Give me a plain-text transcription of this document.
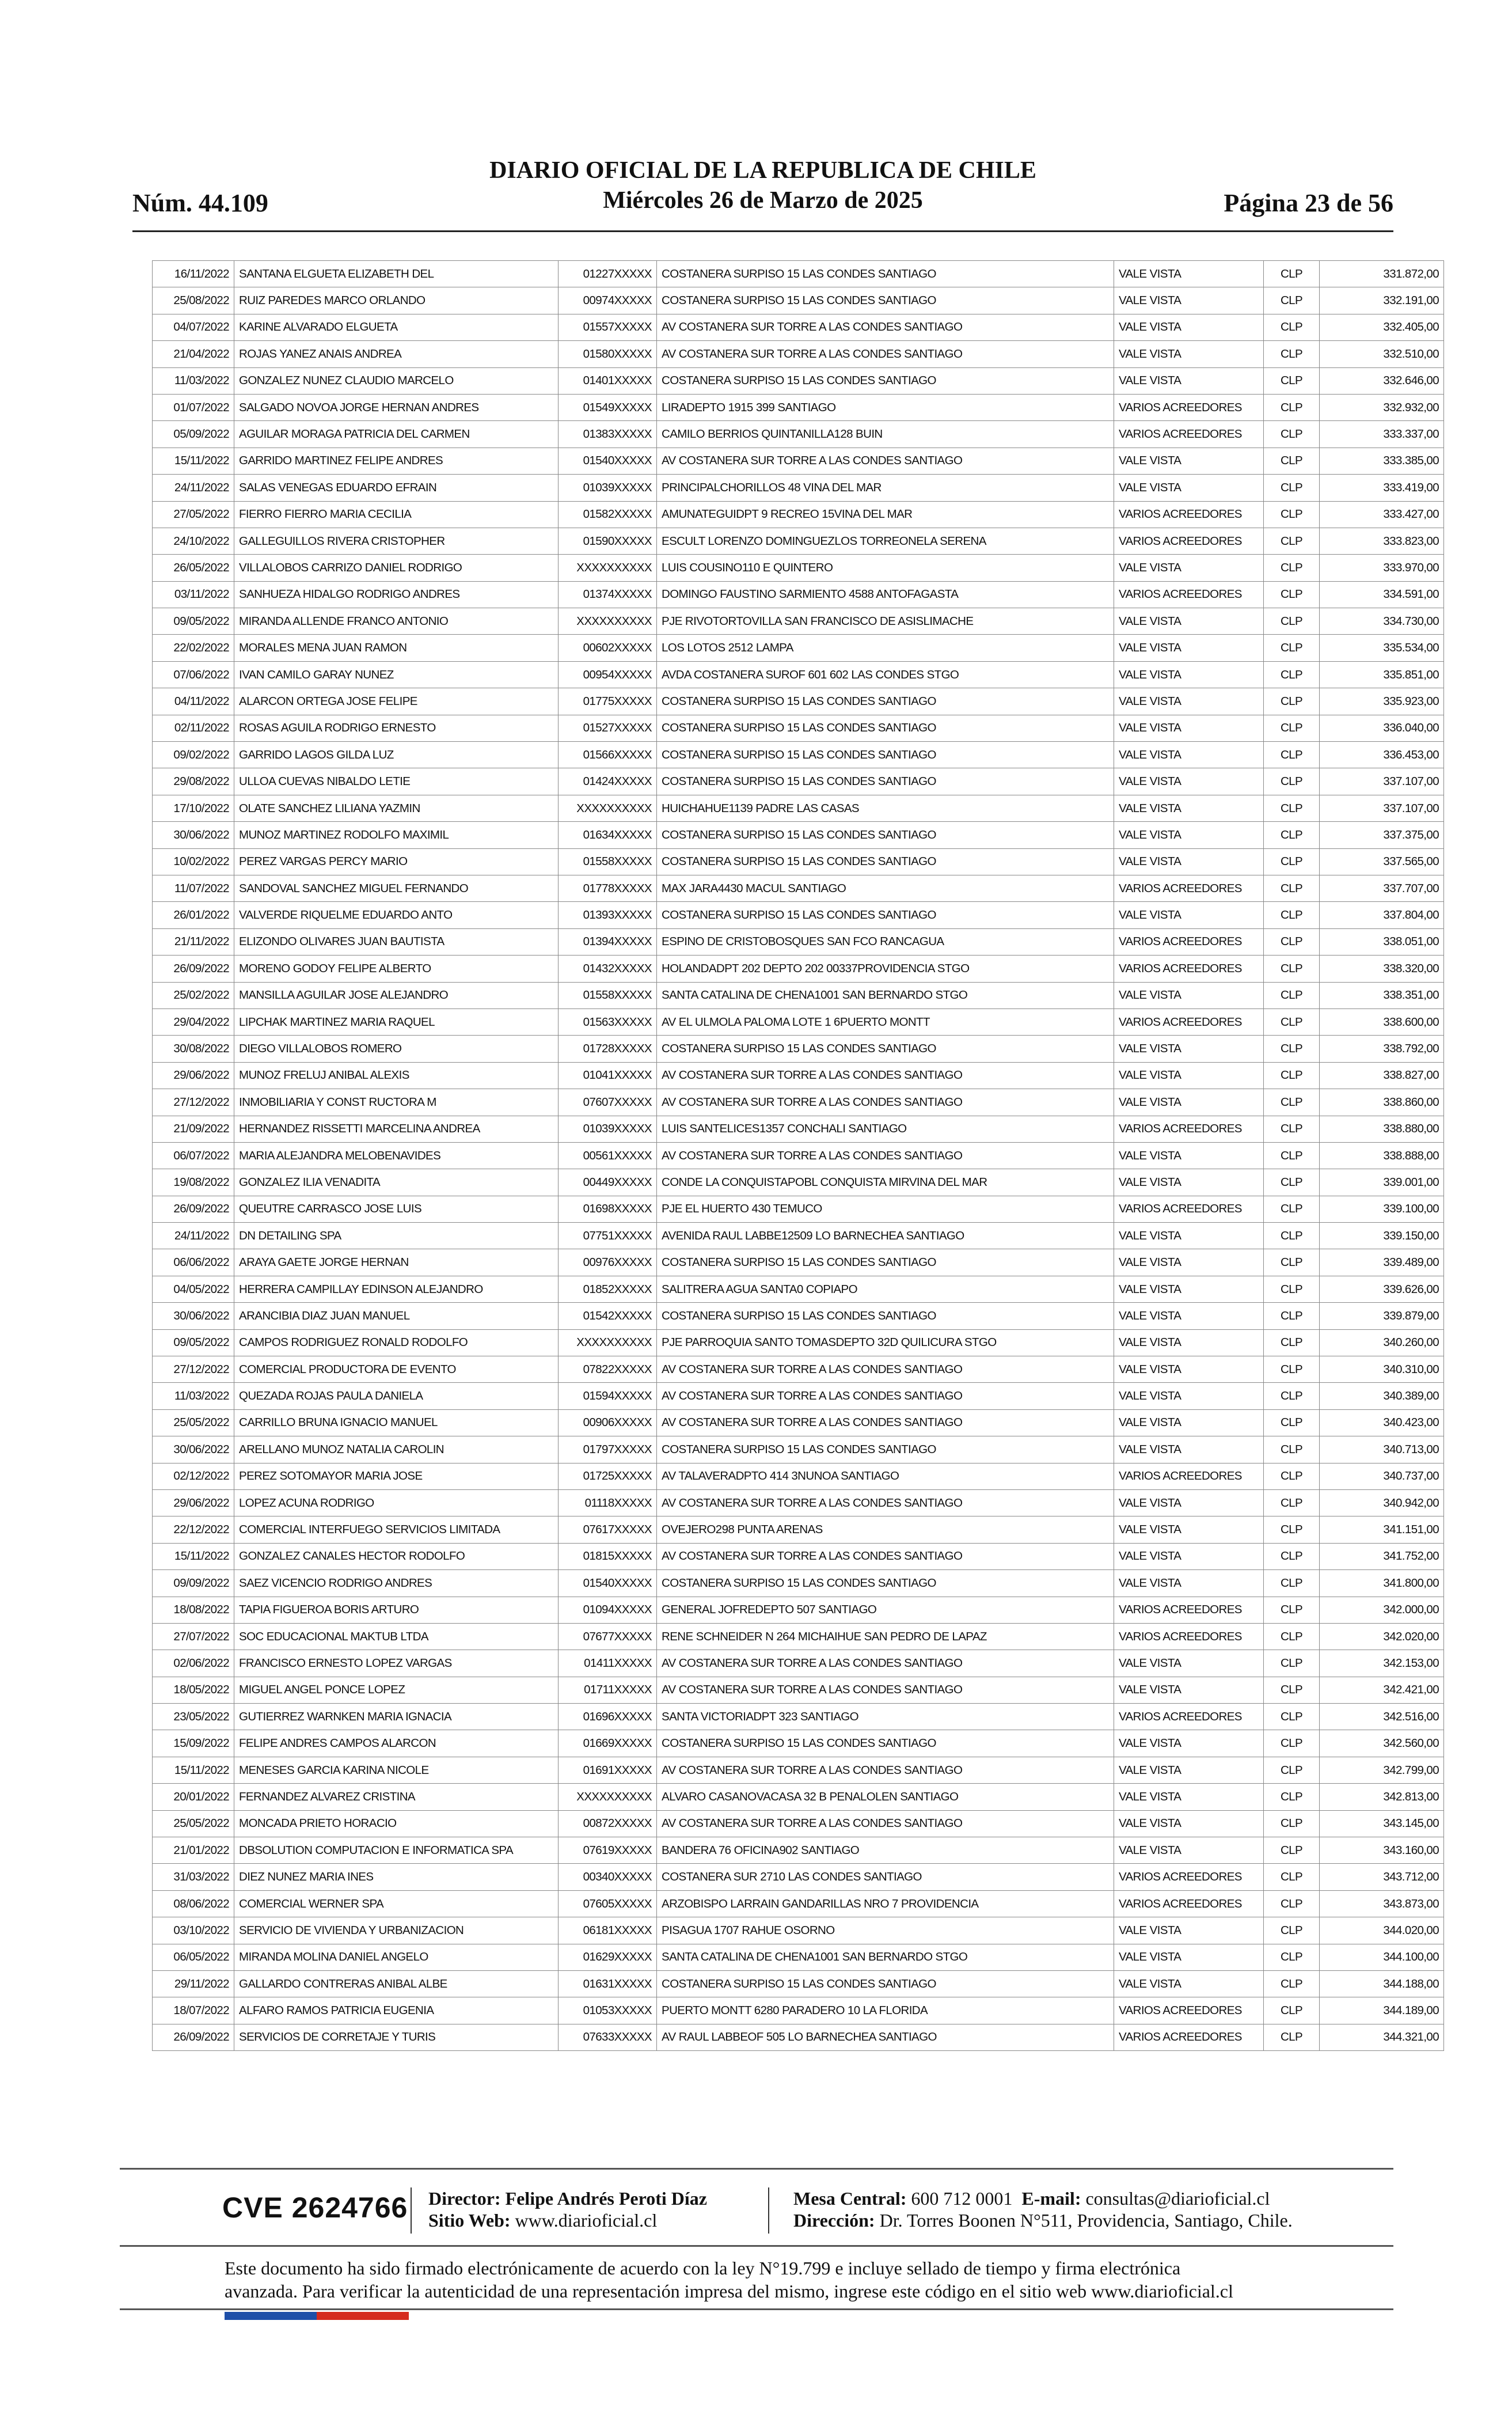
Núm. 44.109
DIARIO OFICIAL DE LA REPUBLICA DE CHILE
Miércoles 26 de Marzo de 2025	Página 23 de 56
16/11/2022	SANTANA ELGUETA ELIZABETH DEL	01227XXXXX	COSTANERA SURPISO 15 LAS CONDES SANTIAGO	VALE VISTA	CLP	331.872,00
25/08/2022	RUIZ PAREDES MARCO ORLANDO	00974XXXXX	COSTANERA SURPISO 15 LAS CONDES SANTIAGO	VALE VISTA	CLP	332.191,00
04/07/2022	KARINE ALVARADO ELGUETA	01557XXXXX	AV COSTANERA SUR TORRE A LAS CONDES SANTIAGO	VALE VISTA	CLP	332.405,00
21/04/2022	ROJAS YANEZ ANAIS ANDREA	01580XXXXX	AV COSTANERA SUR TORRE A LAS CONDES SANTIAGO	VALE VISTA	CLP	332.510,00
11/03/2022	GONZALEZ NUNEZ CLAUDIO MARCELO	01401XXXXX	COSTANERA SURPISO 15 LAS CONDES SANTIAGO	VALE VISTA	CLP	332.646,00
01/07/2022	SALGADO NOVOA JORGE HERNAN ANDRES	01549XXXXX	LIRADEPTO 1915 399 SANTIAGO	VARIOS ACREEDORES	CLP	332.932,00
05/09/2022	AGUILAR MORAGA PATRICIA DEL CARMEN	01383XXXXX	CAMILO BERRIOS QUINTANILLA128 BUIN	VARIOS ACREEDORES	CLP	333.337,00
15/11/2022	GARRIDO MARTINEZ FELIPE ANDRES	01540XXXXX	AV COSTANERA SUR TORRE A LAS CONDES SANTIAGO	VALE VISTA	CLP	333.385,00
24/11/2022	SALAS VENEGAS EDUARDO EFRAIN	01039XXXXX	PRINCIPALCHORILLOS 48 VINA DEL MAR	VALE VISTA	CLP	333.419,00
27/05/2022	FIERRO FIERRO MARIA CECILIA	01582XXXXX	AMUNATEGUIDPT 9 RECREO 15VINA DEL MAR	VARIOS ACREEDORES	CLP	333.427,00
24/10/2022	GALLEGUILLOS RIVERA CRISTOPHER	01590XXXXX	ESCULT LORENZO DOMINGUEZLOS TORREONELA SERENA	VARIOS ACREEDORES	CLP	333.823,00
26/05/2022	VILLALOBOS CARRIZO DANIEL RODRIGO	XXXXXXXXXX	LUIS COUSINO110 E QUINTERO	VALE VISTA	CLP	333.970,00
03/11/2022	SANHUEZA HIDALGO RODRIGO ANDRES	01374XXXXX	DOMINGO FAUSTINO SARMIENTO 4588 ANTOFAGASTA	VARIOS ACREEDORES	CLP	334.591,00
09/05/2022	MIRANDA ALLENDE FRANCO ANTONIO	XXXXXXXXXX	PJE RIVOTORTOVILLA SAN FRANCISCO DE ASISLIMACHE	VALE VISTA	CLP	334.730,00
22/02/2022	MORALES MENA JUAN RAMON	00602XXXXX	LOS LOTOS 2512 LAMPA	VALE VISTA	CLP	335.534,00
07/06/2022	IVAN CAMILO GARAY NUNEZ	00954XXXXX	AVDA COSTANERA SUROF 601 602 LAS CONDES STGO	VALE VISTA	CLP	335.851,00
04/11/2022	ALARCON ORTEGA JOSE FELIPE	01775XXXXX	COSTANERA SURPISO 15 LAS CONDES SANTIAGO	VALE VISTA	CLP	335.923,00
02/11/2022	ROSAS AGUILA RODRIGO ERNESTO	01527XXXXX	COSTANERA SURPISO 15 LAS CONDES SANTIAGO	VALE VISTA	CLP	336.040,00
09/02/2022	GARRIDO LAGOS GILDA LUZ	01566XXXXX	COSTANERA SURPISO 15 LAS CONDES SANTIAGO	VALE VISTA	CLP	336.453,00
29/08/2022	ULLOA CUEVAS NIBALDO LETIE	01424XXXXX	COSTANERA SURPISO 15 LAS CONDES SANTIAGO	VALE VISTA	CLP	337.107,00
17/10/2022	OLATE SANCHEZ LILIANA YAZMIN	XXXXXXXXXX	HUICHAHUE1139 PADRE LAS CASAS	VALE VISTA	CLP	337.107,00
30/06/2022	MUNOZ MARTINEZ RODOLFO MAXIMIL	01634XXXXX	COSTANERA SURPISO 15 LAS CONDES SANTIAGO	VALE VISTA	CLP	337.375,00
10/02/2022	PEREZ VARGAS PERCY MARIO	01558XXXXX	COSTANERA SURPISO 15 LAS CONDES SANTIAGO	VALE VISTA	CLP	337.565,00
11/07/2022	SANDOVAL SANCHEZ MIGUEL FERNANDO	01778XXXXX	MAX JARA4430 MACUL SANTIAGO	VARIOS ACREEDORES	CLP	337.707,00
26/01/2022	VALVERDE RIQUELME EDUARDO ANTO	01393XXXXX	COSTANERA SURPISO 15 LAS CONDES SANTIAGO	VALE VISTA	CLP	337.804,00
21/11/2022	ELIZONDO OLIVARES JUAN BAUTISTA	01394XXXXX	ESPINO DE CRISTOBOSQUES SAN FCO RANCAGUA	VARIOS ACREEDORES	CLP	338.051,00
26/09/2022	MORENO GODOY FELIPE ALBERTO	01432XXXXX	HOLANDADPT 202 DEPTO 202 00337PROVIDENCIA STGO	VARIOS ACREEDORES	CLP	338.320,00
25/02/2022	MANSILLA AGUILAR JOSE ALEJANDRO	01558XXXXX	SANTA CATALINA DE CHENA1001 SAN BERNARDO STGO	VALE VISTA	CLP	338.351,00
29/04/2022	LIPCHAK MARTINEZ MARIA RAQUEL	01563XXXXX	AV EL ULMOLA PALOMA LOTE 1 6PUERTO MONTT	VARIOS ACREEDORES	CLP	338.600,00
30/08/2022	DIEGO VILLALOBOS ROMERO	01728XXXXX	COSTANERA SURPISO 15 LAS CONDES SANTIAGO	VALE VISTA	CLP	338.792,00
29/06/2022	MUNOZ FRELUJ ANIBAL ALEXIS	01041XXXXX	AV COSTANERA SUR TORRE A LAS CONDES SANTIAGO	VALE VISTA	CLP	338.827,00
27/12/2022	INMOBILIARIA Y CONST RUCTORA M	07607XXXXX	AV COSTANERA SUR TORRE A LAS CONDES SANTIAGO	VALE VISTA	CLP	338.860,00
21/09/2022	HERNANDEZ RISSETTI MARCELINA ANDREA	01039XXXXX	LUIS SANTELICES1357 CONCHALI SANTIAGO	VARIOS ACREEDORES	CLP	338.880,00
06/07/2022	MARIA ALEJANDRA MELOBENAVIDES	00561XXXXX	AV COSTANERA SUR TORRE A LAS CONDES SANTIAGO	VALE VISTA	CLP	338.888,00
19/08/2022	GONZALEZ ILIA VENADITA	00449XXXXX	CONDE LA CONQUISTAPOBL CONQUISTA MIRVINA DEL MAR	VALE VISTA	CLP	339.001,00
26/09/2022	QUEUTRE CARRASCO JOSE LUIS	01698XXXXX	PJE EL HUERTO 430 TEMUCO	VARIOS ACREEDORES	CLP	339.100,00
24/11/2022	DN DETAILING SPA	07751XXXXX	AVENIDA RAUL LABBE12509 LO BARNECHEA SANTIAGO	VALE VISTA	CLP	339.150,00
06/06/2022	ARAYA GAETE JORGE HERNAN	00976XXXXX	COSTANERA SURPISO 15 LAS CONDES SANTIAGO	VALE VISTA	CLP	339.489,00
04/05/2022	HERRERA CAMPILLAY EDINSON ALEJANDRO	01852XXXXX	SALITRERA AGUA SANTA0 COPIAPO	VALE VISTA	CLP	339.626,00
30/06/2022	ARANCIBIA DIAZ JUAN MANUEL	01542XXXXX	COSTANERA SURPISO 15 LAS CONDES SANTIAGO	VALE VISTA	CLP	339.879,00
09/05/2022	CAMPOS RODRIGUEZ RONALD RODOLFO	XXXXXXXXXX	PJE PARROQUIA SANTO TOMASDEPTO 32D QUILICURA STGO	VALE VISTA	CLP	340.260,00
27/12/2022	COMERCIAL PRODUCTORA DE EVENTO	07822XXXXX	AV COSTANERA SUR TORRE A LAS CONDES SANTIAGO	VALE VISTA	CLP	340.310,00
11/03/2022	QUEZADA ROJAS PAULA DANIELA	01594XXXXX	AV COSTANERA SUR TORRE A LAS CONDES SANTIAGO	VALE VISTA	CLP	340.389,00
25/05/2022	CARRILLO BRUNA IGNACIO MANUEL	00906XXXXX	AV COSTANERA SUR TORRE A LAS CONDES SANTIAGO	VALE VISTA	CLP	340.423,00
30/06/2022	ARELLANO MUNOZ NATALIA CAROLIN	01797XXXXX	COSTANERA SURPISO 15 LAS CONDES SANTIAGO	VALE VISTA	CLP	340.713,00
02/12/2022	PEREZ SOTOMAYOR MARIA JOSE	01725XXXXX	AV TALAVERADPTO 414 3NUNOA SANTIAGO	VARIOS ACREEDORES	CLP	340.737,00
29/06/2022	LOPEZ ACUNA RODRIGO	01118XXXXX	AV COSTANERA SUR TORRE A LAS CONDES SANTIAGO	VALE VISTA	CLP	340.942,00
22/12/2022	COMERCIAL INTERFUEGO SERVICIOS LIMITADA	07617XXXXX	OVEJERO298 PUNTA ARENAS	VALE VISTA	CLP	341.151,00
15/11/2022	GONZALEZ CANALES HECTOR RODOLFO	01815XXXXX	AV COSTANERA SUR TORRE A LAS CONDES SANTIAGO	VALE VISTA	CLP	341.752,00
09/09/2022	SAEZ VICENCIO RODRIGO ANDRES	01540XXXXX	COSTANERA SURPISO 15 LAS CONDES SANTIAGO	VALE VISTA	CLP	341.800,00
18/08/2022	TAPIA FIGUEROA BORIS ARTURO	01094XXXXX	GENERAL JOFREDEPTO 507 SANTIAGO	VARIOS ACREEDORES	CLP	342.000,00
27/07/2022	SOC EDUCACIONAL MAKTUB LTDA	07677XXXXX	RENE SCHNEIDER N 264 MICHAIHUE SAN PEDRO DE LAPAZ	VARIOS ACREEDORES	CLP	342.020,00
02/06/2022	FRANCISCO ERNESTO LOPEZ VARGAS	01411XXXXX	AV COSTANERA SUR TORRE A LAS CONDES SANTIAGO	VALE VISTA	CLP	342.153,00
18/05/2022	MIGUEL ANGEL PONCE LOPEZ	01711XXXXX	AV COSTANERA SUR TORRE A LAS CONDES SANTIAGO	VALE VISTA	CLP	342.421,00
23/05/2022	GUTIERREZ WARNKEN MARIA IGNACIA	01696XXXXX	SANTA VICTORIADPT 323 SANTIAGO	VARIOS ACREEDORES	CLP	342.516,00
15/09/2022	FELIPE ANDRES CAMPOS ALARCON	01669XXXXX	COSTANERA SURPISO 15 LAS CONDES SANTIAGO	VALE VISTA	CLP	342.560,00
15/11/2022	MENESES GARCIA KARINA NICOLE	01691XXXXX	AV COSTANERA SUR TORRE A LAS CONDES SANTIAGO	VALE VISTA	CLP	342.799,00
20/01/2022	FERNANDEZ ALVAREZ CRISTINA	XXXXXXXXXX	ALVARO CASANOVACASA 32 B PENALOLEN SANTIAGO	VALE VISTA	CLP	342.813,00
25/05/2022	MONCADA PRIETO HORACIO	00872XXXXX	AV COSTANERA SUR TORRE A LAS CONDES SANTIAGO	VALE VISTA	CLP	343.145,00
21/01/2022	DBSOLUTION COMPUTACION E INFORMATICA SPA	07619XXXXX	BANDERA 76 OFICINA902 SANTIAGO	VALE VISTA	CLP	343.160,00
31/03/2022	DIEZ NUNEZ MARIA INES	00340XXXXX	COSTANERA SUR 2710 LAS CONDES SANTIAGO	VARIOS ACREEDORES	CLP	343.712,00
08/06/2022	COMERCIAL WERNER SPA	07605XXXXX	ARZOBISPO LARRAIN GANDARILLAS NRO 7 PROVIDENCIA	VARIOS ACREEDORES	CLP	343.873,00
03/10/2022	SERVICIO DE VIVIENDA Y URBANIZACION	06181XXXXX	PISAGUA 1707 RAHUE OSORNO	VALE VISTA	CLP	344.020,00
06/05/2022	MIRANDA MOLINA DANIEL ANGELO	01629XXXXX	SANTA CATALINA DE CHENA1001 SAN BERNARDO STGO	VALE VISTA	CLP	344.100,00
29/11/2022	GALLARDO CONTRERAS ANIBAL ALBE	01631XXXXX	COSTANERA SURPISO 15 LAS CONDES SANTIAGO	VALE VISTA	CLP	344.188,00
18/07/2022	ALFARO RAMOS PATRICIA EUGENIA	01053XXXXX	PUERTO MONTT 6280 PARADERO 10 LA FLORIDA	VARIOS ACREEDORES	CLP	344.189,00
26/09/2022	SERVICIOS DE CORRETAJE Y TURIS	07633XXXXX	AV RAUL LABBEOF 505 LO BARNECHEA SANTIAGO	VARIOS ACREEDORES	CLP	344.321,00
CVE 2624766 Director: Felipe Andrés Peroti Díaz
Sitio Web: www.diarioficial.cl
Mesa Central: 600 712 0001 E-mail: consultas@diarioficial.cl
Dirección: Dr. Torres Boonen N°511, Providencia, Santiago, Chile.
Este documento ha sido firmado electrónicamente de acuerdo con la ley N°19.799 e incluye sellado de tiempo y firma electrónica
avanzada. Para verificar la autenticidad de una representación impresa del mismo, ingrese este código en el sitio web www.diarioficial.cl
